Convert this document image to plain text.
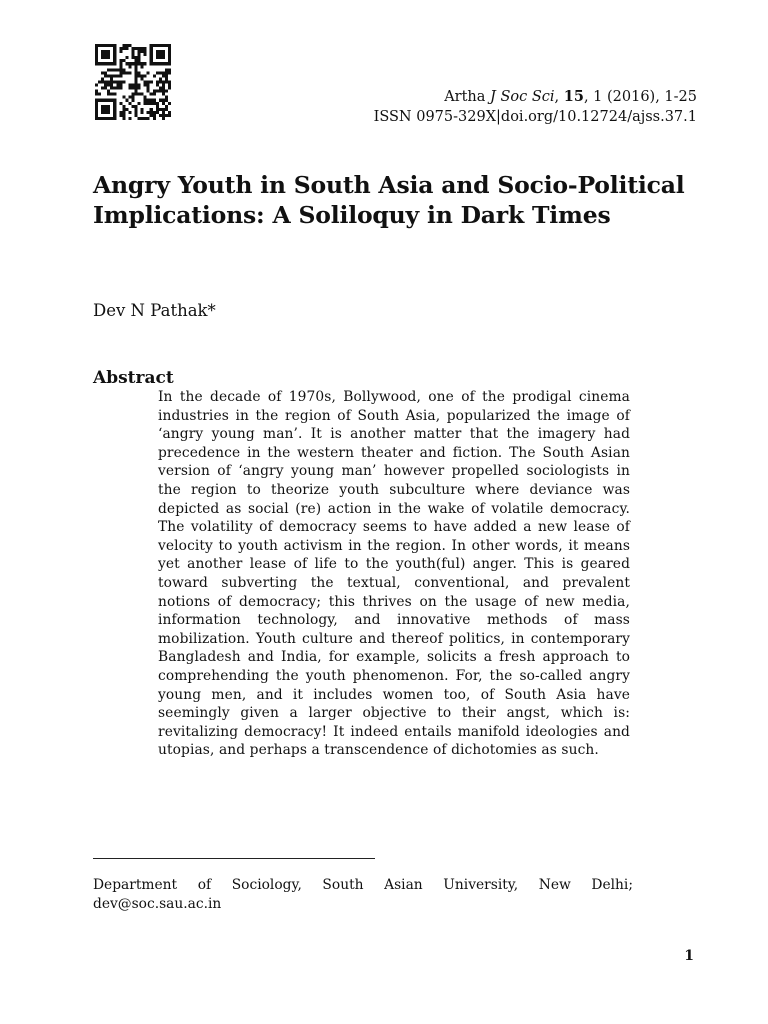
Artha J Soc Sci, 15, 1 (2016), 1-25
ISSN 0975-329X|doi.org/10.12724/ajss.37.1
Angry Youth in South Asia and Socio-Political Implications: A Soliloquy in Dark Times
Dev N Pathak*
Abstract
In the decade of 1970s, Bollywood, one of the prodigal cinema industries in the region of South Asia, popularized the image of ‘angry young man’. It is another matter that the imagery had precedence in the western theater and fiction. The South Asian version of ‘angry young man’ however propelled sociologists in the region to theorize youth subculture where deviance was depicted as social (re) action in the wake of volatile democracy. The volatility of democracy seems to have added a new lease of velocity to youth activism in the region. In other words, it means yet another lease of life to the youth(ful) anger. This is geared toward subverting the textual, conventional, and prevalent notions of democracy; this thrives on the usage of new media, information technology, and innovative methods of mass mobilization. Youth culture and thereof politics, in contemporary Bangladesh and India, for example, solicits a fresh approach to comprehending the youth phenomenon. For, the so-called angry young men, and it includes women too, of South Asia have seemingly given a larger objective to their angst, which is: revitalizing democracy! It indeed entails manifold ideologies and utopias, and perhaps a transcendence of dichotomies as such.
Department of Sociology, South Asian University, New Delhi; dev@soc.sau.ac.in
1
